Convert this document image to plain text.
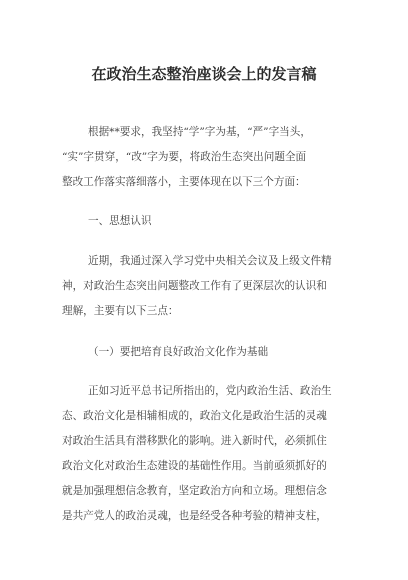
在政治生态整治座谈会上的发言稿
根据**要求，我坚持“学”字为基，“严”字当头，
“实”字贯穿，“改”字为要，将政治生态突出问题全面
整改工作落实落细落小，主要体现在以下三个方面：
一、思想认识
近期，我通过深入学习党中央相关会议及上级文件精
神，对政治生态突出问题整改工作有了更深层次的认识和
理解，主要有以下三点：
（一）要把培育良好政治文化作为基础
正如习近平总书记所指出的，党内政治生活、政治生
态、政治文化是相辅相成的，政治文化是政治生活的灵魂
对政治生活具有潜移默化的影响。进入新时代，必须抓住
政治文化对政治生态建设的基础性作用。当前亟须抓好的
就是加强理想信念教育，坚定政治方向和立场。理想信念
是共产党人的政治灵魂，也是经受各种考验的精神支柱，
